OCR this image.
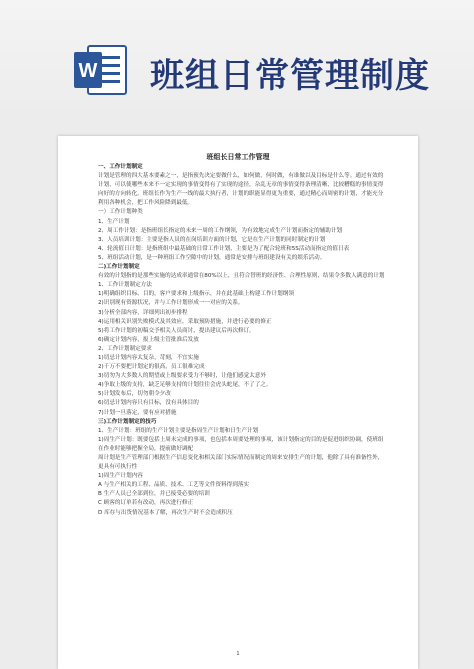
W 班组日常管理制度
班组长日常工作管理
一、工作计划制定
计划是管理的四大基本要素之一，是指预先决定要做什么，如何做，何时做，有谁做以及目标是什么等。通过有效的计划，可以使哪些本来不一定实现的事情变得有了实现的途径，杂乱无章的事情变得条理清晰，比较糟糕的事情变得向好的方向转化。班组长作为生产一线的最大执行者，计划的职能显得更为重要，通过精心而周密的计划，才能充分利用各种机会，把工作风险降到最低。
一）工作计划种类
1、生产计划
2、周工作计划：是指班组长指定的未来一周的工作纲领，为有效地完成生产计划而指定的辅助计划
3、人员培训计划：主要是指人员的在岗培训方面的计划，它是在生产计划的同时制定的计划
4、轮流值日计划：是指班组中最基础的日常工作计划，主要是为了配合轮班和5S活动而指定的值日表
5、班组活动计划，是一种班组工作空隙中的计划，通常是安排与班组建设有关的娱乐活动。
二)工作计划制定
有效的计划指的是那些实施的达成率通常在80%以上，且符合替班的经济性、合理性原则，结果令多数人满意的计划
1、工作计划制定方法
1)明确组织目标、目的，客户要求和上级指示，并在此基础上构建工作计划纲领
2)识别现有资源状况，并与工作计划形成一一对应的关系。
3)分析全部内容，详细列出初步排程
4)运用相关识别失败模式及其效应，采取预防措施，并进行必要的修正
5)将工作计划的初稿交予相关人员商讨，提出建议后再次修订。
6)确定计划内容，报上级主管批准后发放
2、工作计划制定要求
1)切忌计划内容太复杂，苛刻，不宜实施
2)千万不要把计划定的很高，员工很难完成
3)切勿为大多数人的期望或上级要求受力不够时，让他们感觉太意外
4)争取上级的支持，缺乏足够支持的计划往往会虎头蛇尾，不了了之。
5)计划发布后，切勿朝令夕改
6)切忌计划内容只有目标，没有具体目的
7)计划一旦落定，要有应对措施
三)工作计划制定的技巧
1、生产计划：班组的生产计划主要是指周生产计划和日生产计划
1)周生产计划：既要包括上周未完成的事项，也包括本周要处理的事项，该计划指定的目的是促进组织协调，使班组在作业时能够把握全局，提前做好调配
周计划是生产管理部门根据生产信息变化和相关部门实际情况而制定的周来安排生产的计划，他除了具有准备性外，更具有可执行性
1)周生产计划内容
A 与生产相关的工程、品质、技术、工艺等文件资料得到落实
B 生产人员已全部到位，并已接受必要的培训
C 顾客的订单若有改动，再次进行修正
D 库存与出货情况基本了解，再次生产时不会造成积压
1
